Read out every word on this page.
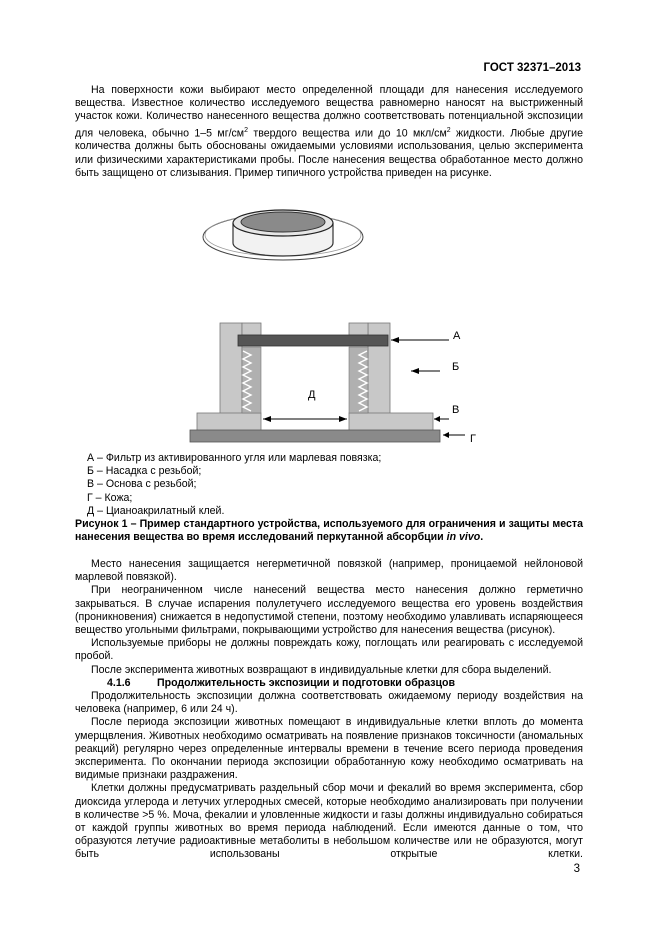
ГОСТ 32371–2013

На поверхности кожи выбирают место определенной площади для нанесения исследуемого вещества. Известное количество исследуемого вещества равномерно наносят на выстриженный участок кожи. Количество нанесенного вещества должно соответствовать потенциальной экспозиции для человека, обычно 1–5 $мг/см^2$ твердого вещества или до 10 мкл/$см^2$ жидкости. Любые другие количества должны быть обоснованы ожидаемыми условиями использования, целью эксперимента или физическими характеристиками пробы. После нанесения вещества обработанное место должно быть защищено от слизывания. Пример типичного устройства приведен на рисунке.

А
Б
В
Г
Д
А – Фильтр из активированного угля или марлевая повязка;
Б – Насадка с резьбой;
В – Основа с резьбой;
Г – Кожа;
Д – Цианоакрилатный клей.
Рисунок 1 – Пример стандартного устройства, используемого для ограничения и защиты места нанесения вещества во время исследований перкутанной абсорбции in vivo.

Место нанесения защищается негерметичной повязкой (например, проницаемой нейлоновой марлевой повязкой).

При неограниченном числе нанесений вещества место нанесения должно герметично закрываться. В случае испарения полулетучего исследуемого вещества его уровень воздействия (проникновения) снижается в недопустимой степени, поэтому необходимо улавливать испаряющееся вещество угольными фильтрами, покрывающими устройство для нанесения вещества (рисунок).

Используемые приборы не должны повреждать кожу, поглощать или реагировать с исследуемой пробой.

После эксперимента животных возвращают в индивидуальные клетки для сбора выделений.

4.1.6 Продолжительность экспозиции и подготовки образцов

Продолжительность экспозиции должна соответствовать ожидаемому периоду воздействия на человека (например, 6 или 24 ч).

После периода экспозиции животных помещают в индивидуальные клетки вплоть до момента умерщвления. Животных необходимо осматривать на появление признаков токсичности (аномальных реакций) регулярно через определенные интервалы времени в течение всего периода проведения эксперимента. По окончании периода экспозиции обработанную кожу необходимо осматривать на видимые признаки раздражения.

Клетки должны предусматривать раздельный сбор мочи и фекалий во время эксперимента, сбор диоксида углерода и летучих углеродных смесей, которые необходимо анализировать при получении в количестве >5 %. Моча, фекалии и уловленные жидкости и газы должны индивидуально собираться от каждой группы животных во время периода наблюдений. Если имеются данные о том, что образуются летучие радиоактивные метаболиты в небольшом количестве или не образуются, могут быть использованы открытые клетки.

3
